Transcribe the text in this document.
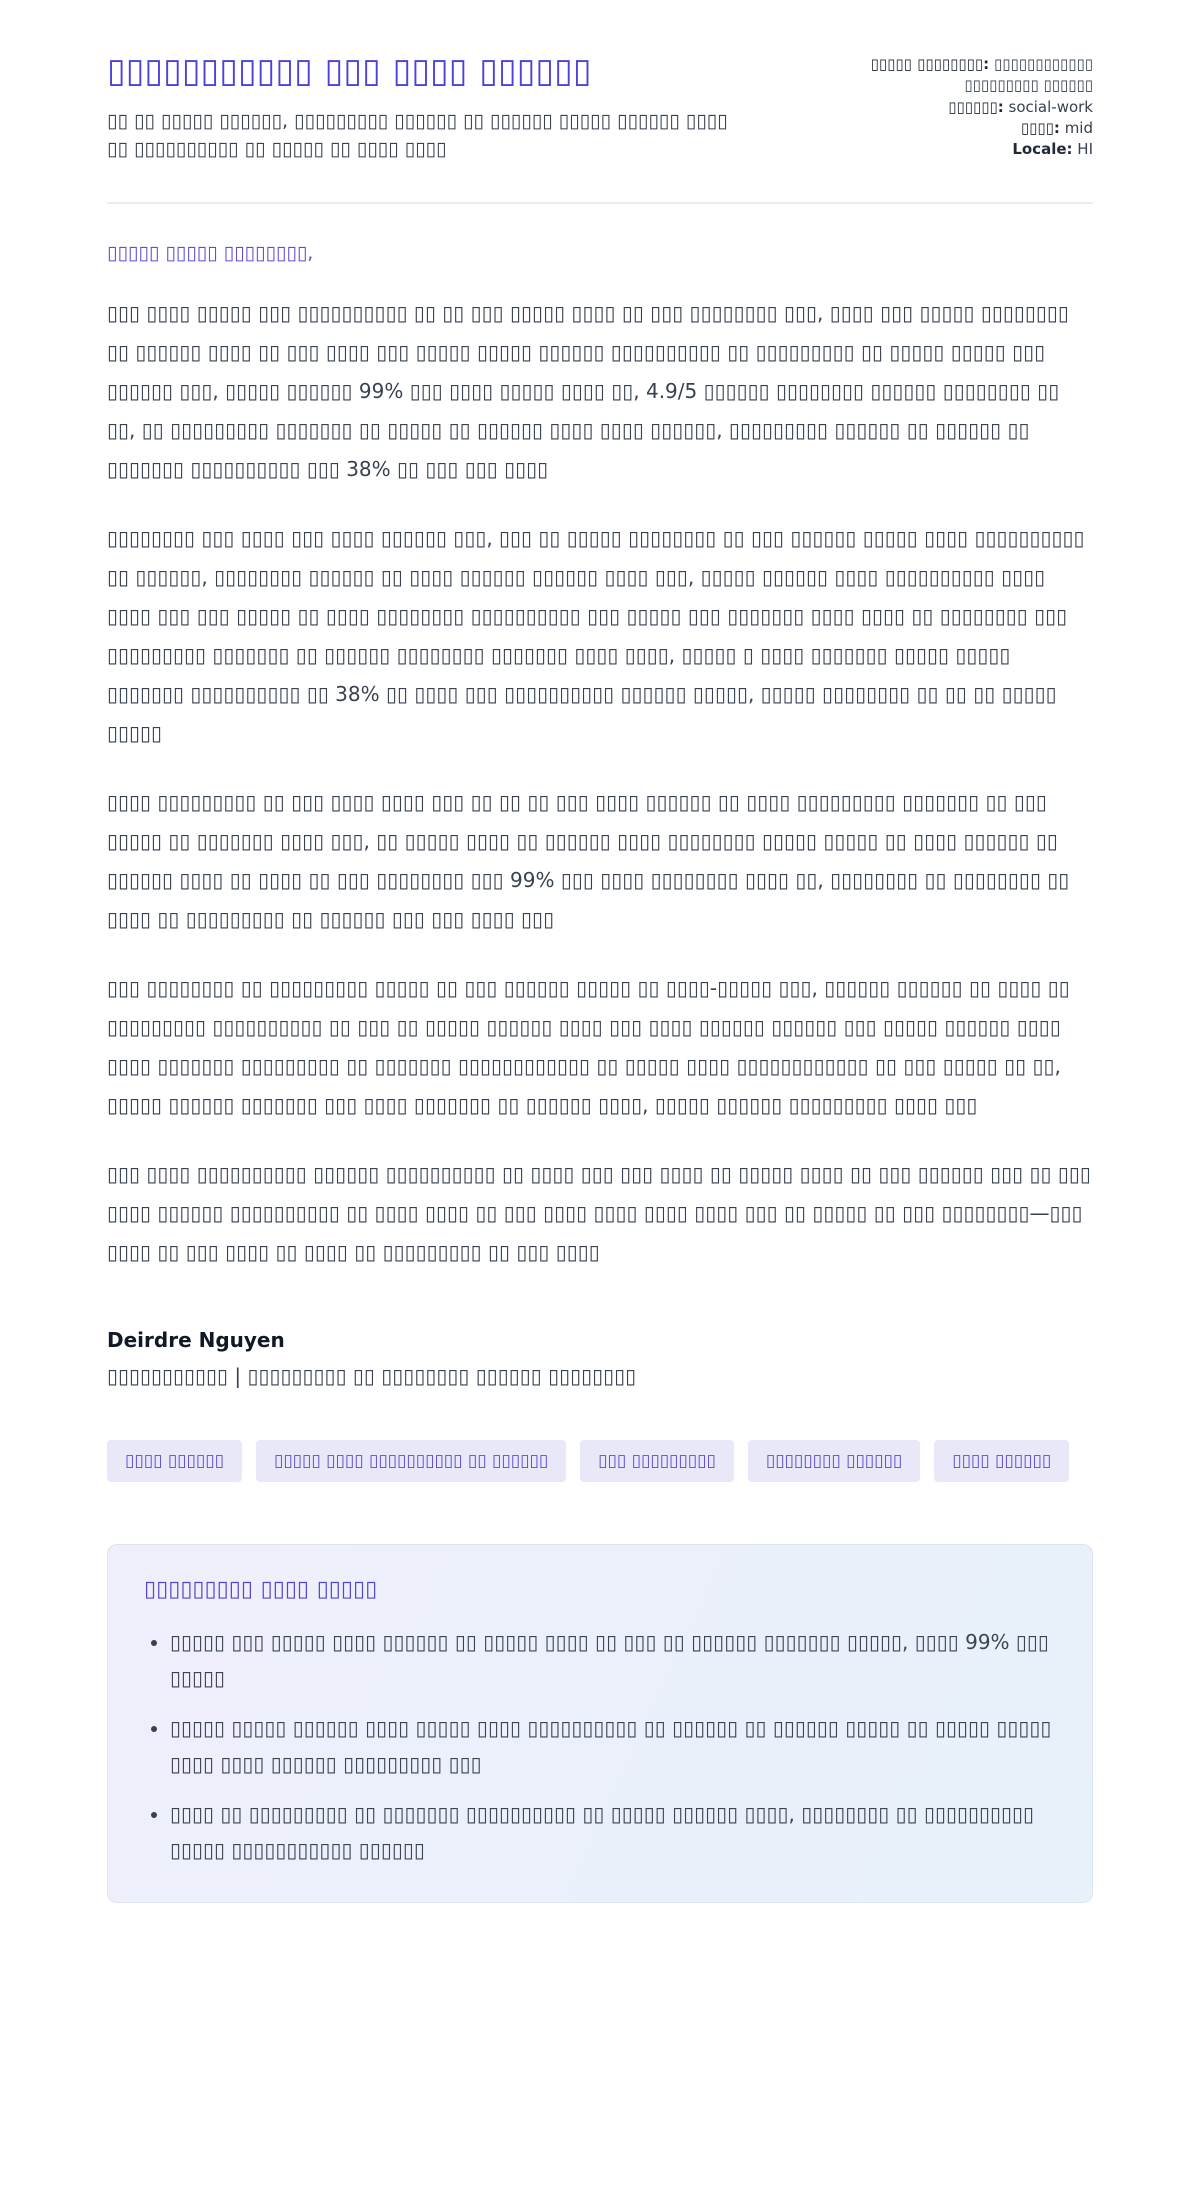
▯▯▯▯▯▯▯▯▯▯▯ ▯▯▯ ▯▯▯▯ ▯▯▯▯▯▯

▯▯ ▯▯ ▯▯▯▯▯ ▯▯▯▯▯▯, ▯▯▯▯▯▯▯▯▯ ▯▯▯▯▯▯ ▯▯ ▯▯▯▯▯▯ ▯▯▯▯▯ ▯▯▯▯▯▯ ▯▯▯▯ ▯▯ ▯▯▯▯▯▯▯▯▯▯ ▯▯ ▯▯▯▯▯ ▯▯ ▯▯▯▯ ▯▯▯▯

▯▯▯▯▯ ▯▯▯▯▯▯▯▯: ▯▯▯▯▯▯▯▯▯▯▯▯ ▯▯▯▯▯▯▯▯▯ ▯▯▯▯▯▯
▯▯▯▯▯▯: social-work
▯▯▯▯: mid
Locale: HI

▯▯▯▯▯ ▯▯▯▯▯ ▯▯▯▯▯▯▯▯,

▯▯▯ ▯▯▯▯ ▯▯▯▯▯ ▯▯▯ ▯▯▯▯▯▯▯▯▯▯ ▯▯ ▯▯ ▯▯▯ ▯▯▯▯▯ ▯▯▯▯ ▯▯ ▯▯▯ ▯▯▯▯▯▯▯▯ ▯▯▯, ▯▯▯▯ ▯▯▯ ▯▯▯▯▯ ▯▯▯▯▯▯▯▯ ▯▯ ▯▯▯▯▯▯ ▯▯▯▯ ▯▯ ▯▯▯ ▯▯▯▯ ▯▯▯ ▯▯▯▯▯ ▯▯▯▯▯ ▯▯▯▯▯▯ ▯▯▯▯▯▯▯▯▯▯ ▯▯ ▯▯▯▯▯▯▯▯▯ ▯▯ ▯▯▯▯▯ ▯▯▯▯▯ ▯▯▯ ▯▯▯▯▯▯ ▯▯▯, ▯▯▯▯▯ ▯▯▯▯▯▯ 99% ▯▯▯ ▯▯▯▯ ▯▯▯▯▯ ▯▯▯▯ ▯▯, 4.9/5 ▯▯▯▯▯▯ ▯▯▯▯▯▯▯▯ ▯▯▯▯▯▯ ▯▯▯▯▯▯▯▯ ▯▯ ▯▯, ▯▯ ▯▯▯▯▯▯▯▯▯ ▯▯▯▯▯▯▯ ▯▯ ▯▯▯▯▯ ▯▯ ▯▯▯▯▯▯ ▯▯▯▯ ▯▯▯▯ ▯▯▯▯▯▯, ▯▯▯▯▯▯▯▯▯ ▯▯▯▯▯▯ ▯▯ ▯▯▯▯▯▯ ▯▯ ▯▯▯▯▯▯▯ ▯▯▯▯▯▯▯▯▯▯ ▯▯▯ 38% ▯▯ ▯▯▯ ▯▯▯ ▯▯▯▯

▯▯▯▯▯▯▯▯ ▯▯▯ ▯▯▯▯ ▯▯▯ ▯▯▯▯ ▯▯▯▯▯▯ ▯▯▯, ▯▯▯ ▯▯ ▯▯▯▯▯ ▯▯▯▯▯▯▯▯ ▯▯ ▯▯▯ ▯▯▯▯▯▯ ▯▯▯▯▯ ▯▯▯▯ ▯▯▯▯▯▯▯▯▯▯ ▯▯ ▯▯▯▯▯▯, ▯▯▯▯▯▯▯▯ ▯▯▯▯▯▯ ▯▯ ▯▯▯▯ ▯▯▯▯▯▯ ▯▯▯▯▯▯ ▯▯▯▯ ▯▯▯, ▯▯▯▯▯ ▯▯▯▯▯▯ ▯▯▯▯ ▯▯▯▯▯▯▯▯▯▯ ▯▯▯▯ ▯▯▯▯ ▯▯▯ ▯▯▯ ▯▯▯▯▯ ▯▯ ▯▯▯▯ ▯▯▯▯▯▯▯▯ ▯▯▯▯▯▯▯▯▯▯ ▯▯▯ ▯▯▯▯▯ ▯▯▯ ▯▯▯▯▯▯▯ ▯▯▯▯ ▯▯▯▯ ▯▯ ▯▯▯▯▯▯▯▯ ▯▯▯ ▯▯▯▯▯▯▯▯▯ ▯▯▯▯▯▯▯ ▯▯ ▯▯▯▯▯▯ ▯▯▯▯▯▯▯▯ ▯▯▯▯▯▯▯ ▯▯▯▯ ▯▯▯▯, ▯▯▯▯▯ ▯ ▯▯▯▯ ▯▯▯▯▯▯▯ ▯▯▯▯▯ ▯▯▯▯▯ ▯▯▯▯▯▯▯ ▯▯▯▯▯▯▯▯▯▯ ▯▯ 38% ▯▯ ▯▯▯▯ ▯▯▯ ▯▯▯▯▯▯▯▯▯▯ ▯▯▯▯▯▯ ▯▯▯▯▯, ▯▯▯▯▯ ▯▯▯▯▯▯▯▯ ▯▯ ▯▯ ▯▯ ▯▯▯▯▯ ▯▯▯▯▯

▯▯▯▯ ▯▯▯▯▯▯▯▯▯ ▯▯ ▯▯▯ ▯▯▯▯ ▯▯▯▯ ▯▯▯ ▯▯ ▯▯ ▯▯ ▯▯▯ ▯▯▯▯ ▯▯▯▯▯▯ ▯▯ ▯▯▯▯ ▯▯▯▯▯▯▯▯▯ ▯▯▯▯▯▯▯ ▯▯ ▯▯▯ ▯▯▯▯▯ ▯▯ ▯▯▯▯▯▯▯ ▯▯▯▯ ▯▯▯, ▯▯ ▯▯▯▯▯ ▯▯▯▯ ▯▯ ▯▯▯▯▯▯ ▯▯▯▯ ▯▯▯▯▯▯▯▯ ▯▯▯▯▯ ▯▯▯▯▯ ▯▯ ▯▯▯▯ ▯▯▯▯▯▯ ▯▯ ▯▯▯▯▯▯ ▯▯▯▯ ▯▯ ▯▯▯▯ ▯▯ ▯▯▯ ▯▯▯▯▯▯▯▯ ▯▯▯ 99% ▯▯▯ ▯▯▯▯ ▯▯▯▯▯▯▯▯ ▯▯▯▯ ▯▯, ▯▯▯▯▯▯▯▯ ▯▯ ▯▯▯▯▯▯▯▯ ▯▯ ▯▯▯▯ ▯▯ ▯▯▯▯▯▯▯▯▯ ▯▯ ▯▯▯▯▯▯ ▯▯▯ ▯▯▯ ▯▯▯▯ ▯▯▯

▯▯▯ ▯▯▯▯▯▯▯▯ ▯▯ ▯▯▯▯▯▯▯▯▯ ▯▯▯▯▯ ▯▯ ▯▯▯ ▯▯▯▯▯▯ ▯▯▯▯▯ ▯▯ ▯▯▯▯-▯▯▯▯▯ ▯▯▯, ▯▯▯▯▯▯ ▯▯▯▯▯▯ ▯▯ ▯▯▯▯ ▯▯ ▯▯▯▯▯▯▯▯▯ ▯▯▯▯▯▯▯▯▯▯ ▯▯ ▯▯▯ ▯▯ ▯▯▯▯▯ ▯▯▯▯▯▯ ▯▯▯▯ ▯▯▯ ▯▯▯▯ ▯▯▯▯▯▯ ▯▯▯▯▯▯ ▯▯▯ ▯▯▯▯▯ ▯▯▯▯▯▯ ▯▯▯▯ ▯▯▯▯ ▯▯▯▯▯▯▯ ▯▯▯▯▯▯▯▯▯ ▯▯ ▯▯▯▯▯▯▯ ▯▯▯▯▯▯▯▯▯▯▯▯ ▯▯ ▯▯▯▯▯ ▯▯▯▯ ▯▯▯▯▯▯▯▯▯▯▯▯ ▯▯ ▯▯▯ ▯▯▯▯▯ ▯▯ ▯▯, ▯▯▯▯▯ ▯▯▯▯▯▯ ▯▯▯▯▯▯▯ ▯▯▯ ▯▯▯▯ ▯▯▯▯▯▯▯ ▯▯ ▯▯▯▯▯▯ ▯▯▯▯, ▯▯▯▯▯ ▯▯▯▯▯▯ ▯▯▯▯▯▯▯▯▯ ▯▯▯▯ ▯▯▯

▯▯▯ ▯▯▯▯ ▯▯▯▯▯▯▯▯▯▯ ▯▯▯▯▯▯ ▯▯▯▯▯▯▯▯▯▯ ▯▯ ▯▯▯▯ ▯▯▯ ▯▯▯ ▯▯▯▯ ▯▯ ▯▯▯▯▯ ▯▯▯▯ ▯▯ ▯▯▯ ▯▯▯▯▯▯ ▯▯▯ ▯▯ ▯▯▯ ▯▯▯▯ ▯▯▯▯▯▯ ▯▯▯▯▯▯▯▯▯▯ ▯▯ ▯▯▯▯ ▯▯▯▯ ▯▯ ▯▯▯ ▯▯▯▯ ▯▯▯▯ ▯▯▯▯ ▯▯▯▯ ▯▯▯ ▯▯ ▯▯▯▯▯ ▯▯ ▯▯▯ ▯▯▯▯▯▯▯▯—▯▯▯ ▯▯▯▯ ▯▯ ▯▯▯ ▯▯▯▯ ▯▯ ▯▯▯▯ ▯▯ ▯▯▯▯▯▯▯▯▯ ▯▯ ▯▯▯ ▯▯▯▯

Deirdre Nguyen

▯▯▯▯▯▯▯▯▯▯▯ | ▯▯▯▯▯▯▯▯▯ ▯▯ ▯▯▯▯▯▯▯▯ ▯▯▯▯▯▯ ▯▯▯▯▯▯▯▯

▯▯▯▯ ▯▯▯▯▯▯	▯▯▯▯▯ ▯▯▯▯ ▯▯▯▯▯▯▯▯▯▯ ▯▯ ▯▯▯▯▯▯	▯▯▯ ▯▯▯▯▯▯▯▯▯	▯▯▯▯▯▯▯▯ ▯▯▯▯▯▯	▯▯▯▯ ▯▯▯▯▯▯
▯▯▯▯▯▯▯▯▯ ▯▯▯▯ ▯▯▯▯▯
• ▯▯▯▯▯ ▯▯▯ ▯▯▯▯▯ ▯▯▯▯ ▯▯▯▯▯▯ ▯▯ ▯▯▯▯▯ ▯▯▯▯ ▯▯ ▯▯▯ ▯▯ ▯▯▯▯▯▯ ▯▯▯▯▯▯▯ ▯▯▯▯▯, ▯▯▯▯ 99% ▯▯▯ ▯▯▯▯▯
• ▯▯▯▯▯ ▯▯▯▯▯ ▯▯▯▯▯▯ ▯▯▯▯ ▯▯▯▯▯ ▯▯▯▯ ▯▯▯▯▯▯▯▯▯▯ ▯▯ ▯▯▯▯▯▯ ▯▯ ▯▯▯▯▯▯ ▯▯▯▯▯ ▯▯ ▯▯▯▯▯ ▯▯▯▯▯ ▯▯▯▯ ▯▯▯▯ ▯▯▯▯▯▯ ▯▯▯▯▯▯▯▯▯ ▯▯▯
• ▯▯▯▯ ▯▯ ▯▯▯▯▯▯▯▯▯ ▯▯ ▯▯▯▯▯▯▯ ▯▯▯▯▯▯▯▯▯▯ ▯▯ ▯▯▯▯▯ ▯▯▯▯▯▯ ▯▯▯▯, ▯▯▯▯▯▯▯▯ ▯▯ ▯▯▯▯▯▯▯▯▯▯ ▯▯▯▯▯ ▯▯▯▯▯▯▯▯▯▯▯ ▯▯▯▯▯▯
